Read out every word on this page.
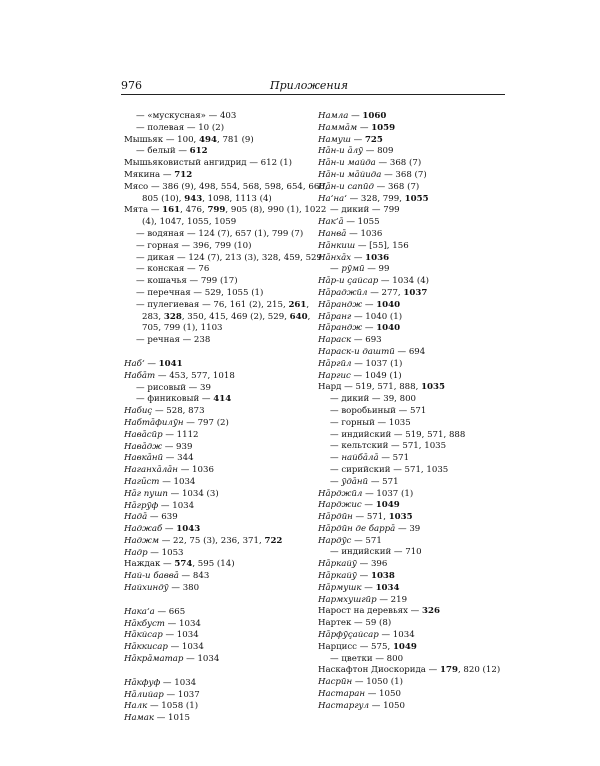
976	Приложения
— «мускусная» — 403
— полевая — 10 (2)
Мышьяк — 100, 494, 781 (9)
— белый — 612
Мышьяковистый ангидрид — 612 (1)
Мякина — 712
Мясо — 386 (9), 498, 554, 568, 598, 654, 660,
805 (10), 943, 1098, 1113 (4)
Мята — 161, 476, 799, 905 (8), 990 (1), 1022
(4), 1047, 1055, 1059
— водяная — 124 (7), 657 (1), 799 (7)
— горная — 396, 799 (10)
— дикая — 124 (7), 213 (3), 328, 459, 529
— конская — 76
— кошачья — 799 (17)
— перечная — 529, 1055 (1)
— пулегиевая — 76, 161 (2), 215, 261,
283, 328, 350, 415, 469 (2), 529, 640,
705, 799 (1), 1103
— речная — 238
Наб‘ — 1041
Набāт — 453, 577, 1018
— рисовый — 39
— финиковый — 414
Набиҫ — 528, 873
Набтāфилӯн — 797 (2)
Навāсӣр — 1112
Навāдж — 939
Навкāнӣ — 344
Наганхāлāн — 1036
Нагūст — 1034
Нāг пушп — 1034 (3)
Нāгрӯф — 1034
Надā — 639
Наджаб — 1043
Наджм — 22, 75 (3), 236, 371, 722
Надр — 1053
Наждак — 574, 595 (14)
Най-и баввā — 843
Найхиндӯ — 380
Нака‘а — 665
Нāкбуст — 1034
Нāкйсар — 1034
Нāккисар — 1034
Нāкрāматар — 1034
Нāкфуф — 1034
Нāлийар — 1037
Налк — 1058 (1)
Намак — 1015
Намла — 1060
Наммāм — 1059
Намуш — 725
Нāн-и āлӯ — 809
Нāн-и майда — 368 (7)
Нāн-и мāйида — 368 (7)
Нāн-и сапӣд — 368 (7)
На‘на‘ — 328, 799, 1055
— дикий — 799
Нак‘ā — 1055
Нанвā — 1036
Нāнкиш — [55], 156
Нāнхāх — 1036
— рӯмӣ — 99
Нāр-и ҫайсар — 1034 (4)
Нāраджӣл — 277, 1037
Нāрандж — 1040
Нāранг — 1040 (1)
Нāрандж — 1040
Нараск — 693
Нараск-и даштӣ — 694
Нāргӣл — 1037 (1)
Наргис — 1049 (1)
Нард — 519, 571, 888, 1035
— дикий — 39, 800
— воробьиный — 571
— горный — 1035
— индийский — 519, 571, 888
— кельтский — 571, 1035
— найбāлā — 571
— сирийский — 571, 1035
— ӯдāнӣ — 571
Нāрджӣл — 1037 (1)
Нарджис — 1049
Нāрдӣн — 571, 1035
Нāрдӣн де баррā — 39
Нардӯс — 571
— индийский — 710
Нāркайӯ — 396
Нāркайӯ — 1038
Нāрмушк — 1034
Нармхушгӣр — 219
Нарост на деревьях — 326
Нартек — 59 (8)
Нāрфӯҫайсар — 1034
Нарцисс — 575, 1049
— цветки — 800
Наскафтон Диоскорида — 179, 820 (12)
Насрӣн — 1050 (1)
Настаран — 1050
Настаргул — 1050
